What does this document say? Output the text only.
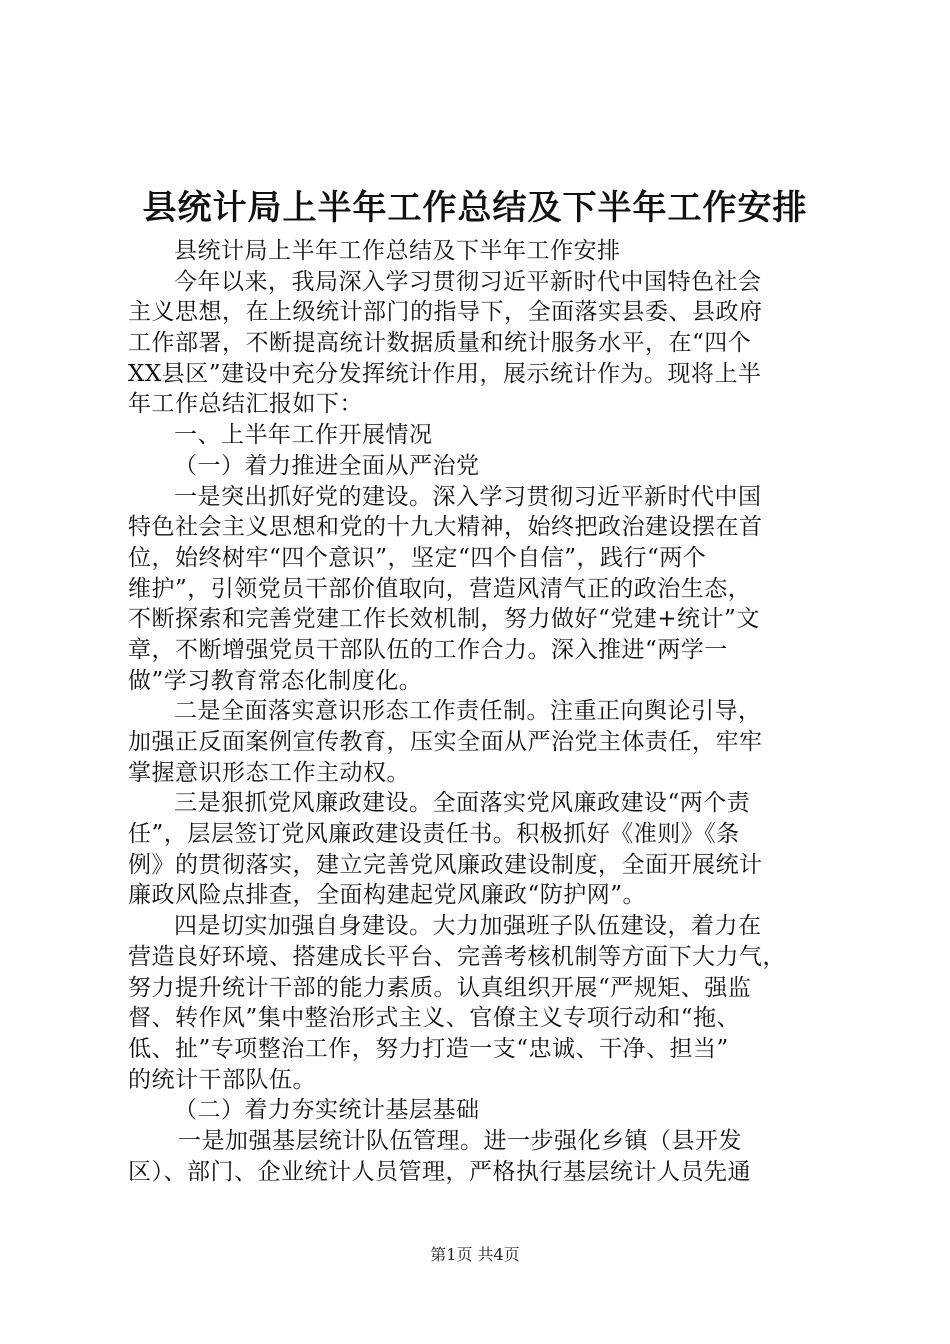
县统计局上半年工作总结及下半年工作安排
县统计局上半年工作总结及下半年工作安排
今年以来，我局深入学习贯彻习近平新时代中国特色社会
主义思想，在上级统计部门的指导下，全面落实县委、县政府
工作部署，不断提高统计数据质量和统计服务水平，在“四个
XX县区”建设中充分发挥统计作用，展示统计作为。现将上半
年工作总结汇报如下：
一、上半年工作开展情况
（一）着力推进全面从严治党
一是突出抓好党的建设。深入学习贯彻习近平新时代中国
特色社会主义思想和党的十九大精神，始终把政治建设摆在首
位，始终树牢“四个意识”，坚定“四个自信”，践行“两个
维护”，引领党员干部价值取向，营造风清气正的政治生态，
不断探索和完善党建工作长效机制，努力做好“党建+统计”文
章，不断增强党员干部队伍的工作合力。深入推进“两学一
做”学习教育常态化制度化。
二是全面落实意识形态工作责任制。注重正向舆论引导，
加强正反面案例宣传教育，压实全面从严治党主体责任，牢牢
掌握意识形态工作主动权。
三是狠抓党风廉政建设。全面落实党风廉政建设“两个责
任”，层层签订党风廉政建设责任书。积极抓好《准则》《条
例》的贯彻落实，建立完善党风廉政建设制度，全面开展统计
廉政风险点排查，全面构建起党风廉政“防护网”。
四是切实加强自身建设。大力加强班子队伍建设，着力在
营造良好环境、搭建成长平台、完善考核机制等方面下大力气，
努力提升统计干部的能力素质。认真组织开展“严规矩、强监
督、转作风”集中整治形式主义、官僚主义专项行动和“拖、
低、扯”专项整治工作，努力打造一支“忠诚、干净、担当”
的统计干部队伍。
（二）着力夯实统计基层基础
一是加强基层统计队伍管理。进一步强化乡镇（县开发
区）、部门、企业统计人员管理，严格执行基层统计人员先通
第1页 共4页
